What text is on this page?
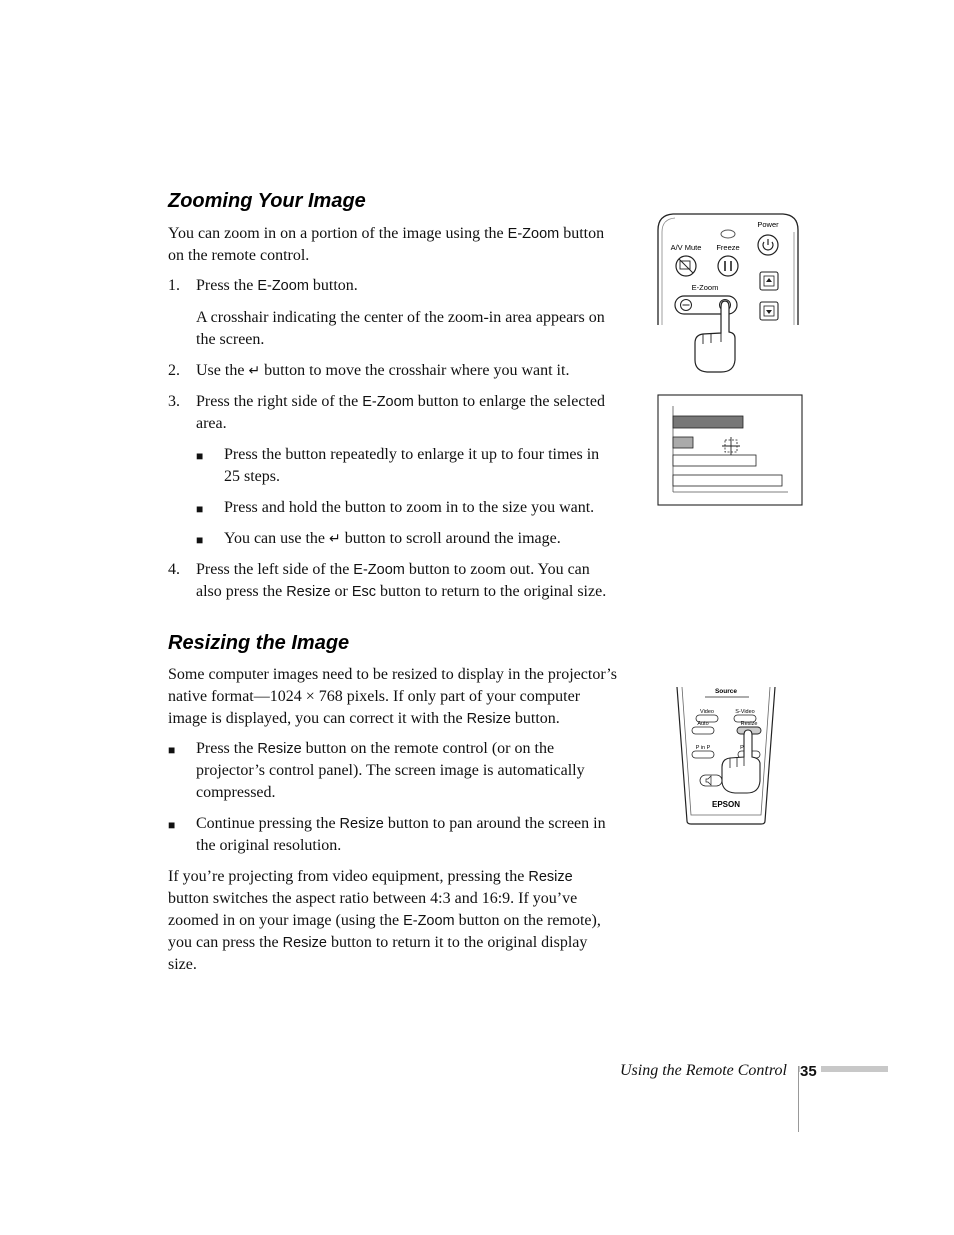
Zooming Your Image
You can zoom in on a portion of the image using the E-Zoom button
on the remote control.
1.	Press the E-Zoom button.
A crosshair indicating the center of the zoom-in area appears on
the screen.
2.	Use the ↵ button to move the crosshair where you want it.
3.	Press the right side of the E-Zoom button to enlarge the selected
area.
■	Press the button repeatedly to enlarge it up to four times in
25 steps.
■	Press and hold the button to zoom in to the size you want.
■	You can use the ↵ button to scroll around the image.
4.	Press the left side of the E-Zoom button to zoom out. You can
also press the Resize or Esc button to return to the original size.
Resizing the Image
Some computer images need to be resized to display in the projector’s
native format—1024 × 768 pixels. If only part of your computer
image is displayed, you can correct it with the Resize button.
■	Press the Resize button on the remote control (or on the
projector’s control panel). The screen image is automatically
compressed.
■	Continue pressing the Resize button to pan around the screen in
the original resolution.
If you’re projecting from video equipment, pressing the Resize
button switches the aspect ratio between 4:3 and 16:9. If you’ve
zoomed in on your image (using the E-Zoom button on the remote),
you can press the Resize button to return it to the original display
size.
Power
A/V Mute Freeze
E-Zoom
Source
Video	S-Video
Auto	Resize
P in P	P
EPSON
Using the Remote Control 35
